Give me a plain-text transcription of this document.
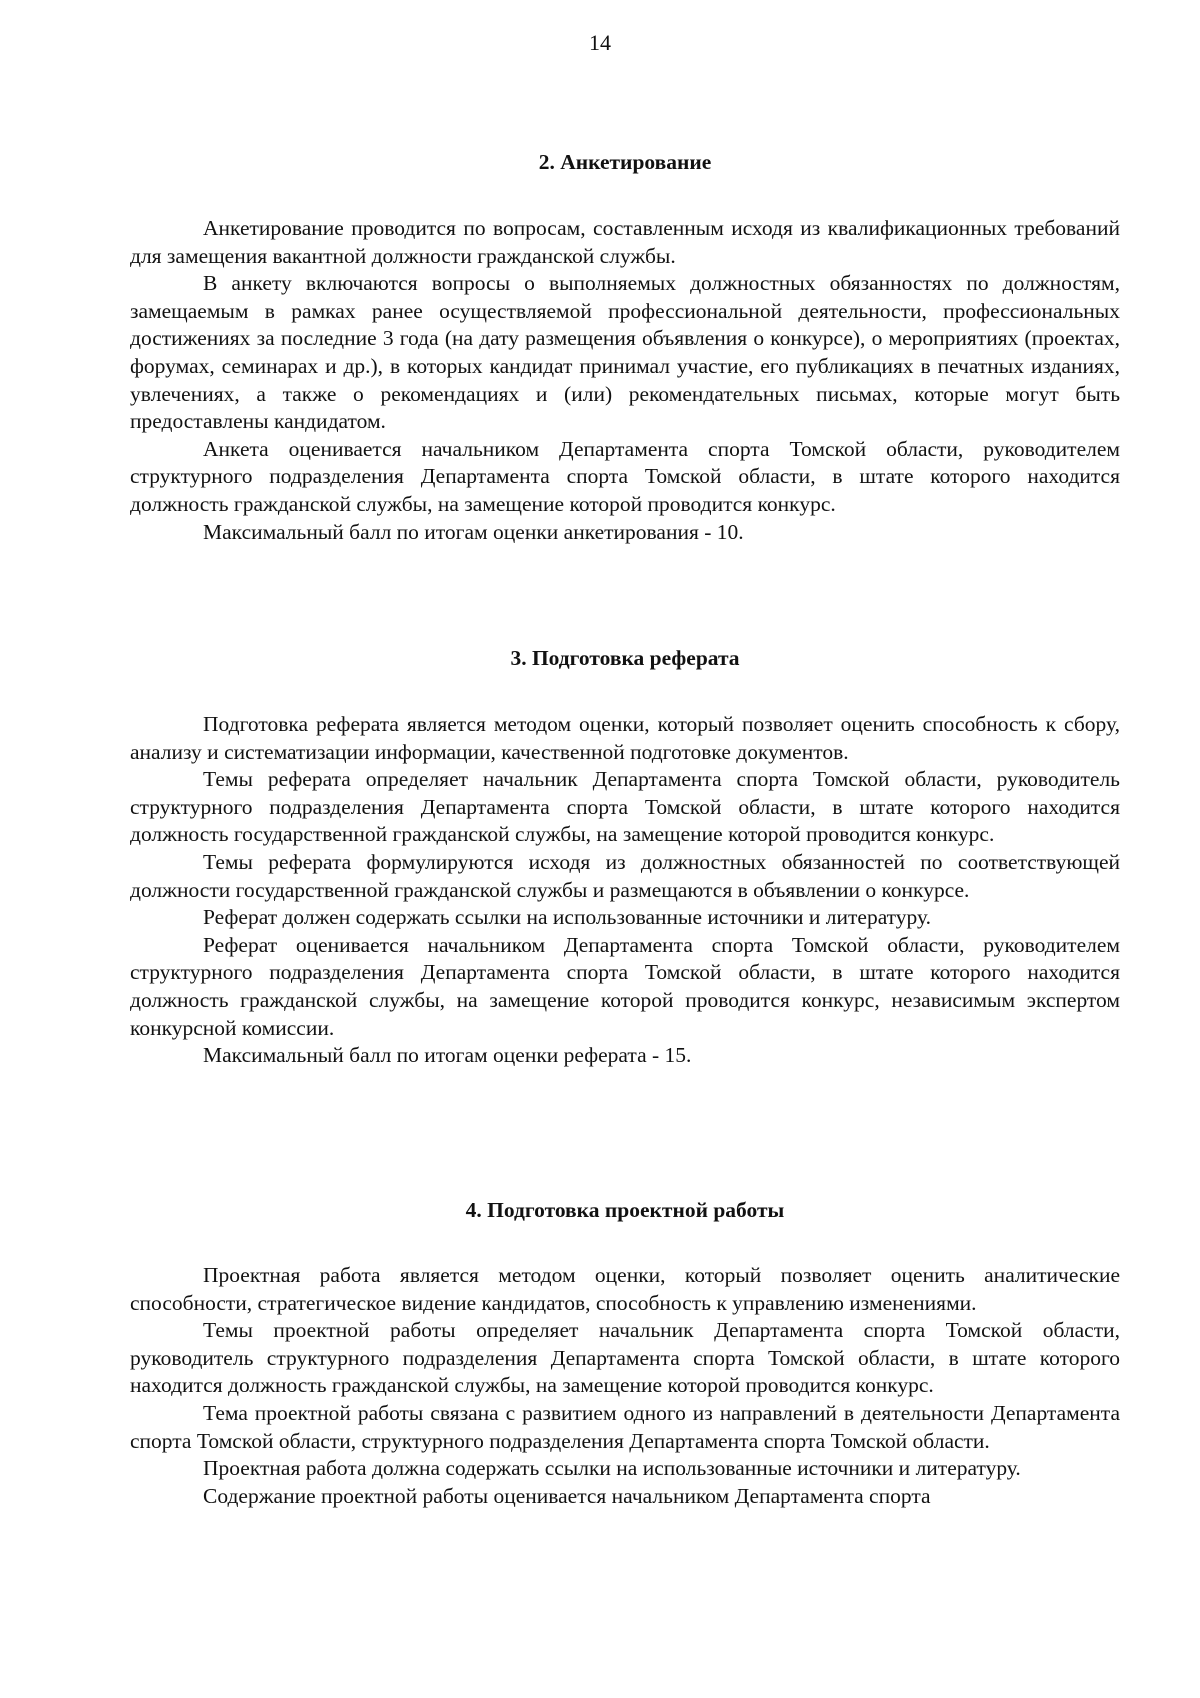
14
2. Анкетирование

Анкетирование проводится по вопросам, составленным исходя из квалификационных требований для замещения вакантной должности гражданской службы.

В анкету включаются вопросы о выполняемых должностных обязанностях по должностям, замещаемым в рамках ранее осуществляемой профессиональной деятельности, профессиональных достижениях за последние 3 года (на дату размещения объявления о конкурсе), о мероприятиях (проектах, форумах, семинарах и др.), в которых кандидат принимал участие, его публикациях в печатных изданиях, увлечениях, а также о рекомендациях и (или) рекомендательных письмах, которые могут быть предоставлены кандидатом.

Анкета оценивается начальником Департамента спорта Томской области, руководителем структурного подразделения Департамента спорта Томской области, в штате которого находится должность гражданской службы, на замещение которой проводится конкурс.

Максимальный балл по итогам оценки анкетирования - 10.

3. Подготовка реферата

Подготовка реферата является методом оценки, который позволяет оценить способность к сбору, анализу и систематизации информации, качественной подготовке документов.

Темы реферата определяет начальник Департамента спорта Томской области, руководитель структурного подразделения Департамента спорта Томской области, в штате которого находится должность государственной гражданской службы, на замещение которой проводится конкурс.

Темы реферата формулируются исходя из должностных обязанностей по соответствующей должности государственной гражданской службы и размещаются в объявлении о конкурсе.

Реферат должен содержать ссылки на использованные источники и литературу.

Реферат оценивается начальником Департамента спорта Томской области, руководителем структурного подразделения Департамента спорта Томской области, в штате которого находится должность гражданской службы, на замещение которой проводится конкурс, независимым экспертом конкурсной комиссии.

Максимальный балл по итогам оценки реферата - 15.

4. Подготовка проектной работы

Проектная работа является методом оценки, который позволяет оценить аналитические способности, стратегическое видение кандидатов, способность к управлению изменениями.

Темы проектной работы определяет начальник Департамента спорта Томской области, руководитель структурного подразделения Департамента спорта Томской области, в штате которого находится должность гражданской службы, на замещение которой проводится конкурс.

Тема проектной работы связана с развитием одного из направлений в деятельности Департамента спорта Томской области, структурного подразделения Департамента спорта Томской области.

Проектная работа должна содержать ссылки на использованные источники и литературу.

Содержание проектной работы оценивается начальником Департамента спорта
